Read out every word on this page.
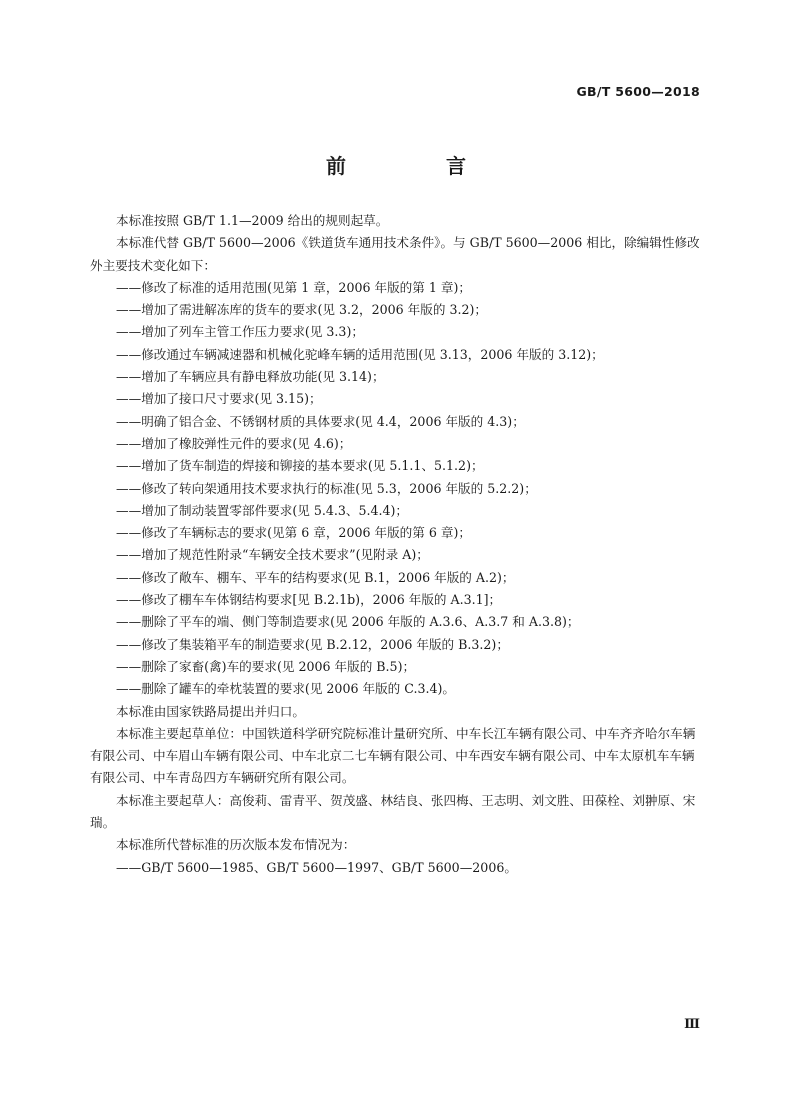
GB/T 5600—2018
前　言

本标准按照 GB/T 1.1—2009 给出的规则起草。

本标准代替 GB/T 5600—2006《铁道货车通用技术条件》。与 GB/T 5600—2006 相比，除编辑性修改外主要技术变化如下：

——修改了标准的适用范围(见第 1 章，2006 年版的第 1 章)；

——增加了需进解冻库的货车的要求(见 3.2，2006 年版的 3.2)；

——增加了列车主管工作压力要求(见 3.3)；

——修改通过车辆减速器和机械化驼峰车辆的适用范围(见 3.13，2006 年版的 3.12)；

——增加了车辆应具有静电释放功能(见 3.14)；

——增加了接口尺寸要求(见 3.15)；

——明确了铝合金、不锈钢材质的具体要求(见 4.4，2006 年版的 4.3)；

——增加了橡胶弹性元件的要求(见 4.6)；

——增加了货车制造的焊接和铆接的基本要求(见 5.1.1、5.1.2)；

——修改了转向架通用技术要求执行的标准(见 5.3，2006 年版的 5.2.2)；

——增加了制动装置零部件要求(见 5.4.3、5.4.4)；

——修改了车辆标志的要求(见第 6 章，2006 年版的第 6 章)；

——增加了规范性附录“车辆安全技术要求”(见附录 A)；

——修改了敞车、棚车、平车的结构要求(见 B.1，2006 年版的 A.2)；

——修改了棚车车体钢结构要求[见 B.2.1b)，2006 年版的 A.3.1]；

——删除了平车的端、侧门等制造要求(见 2006 年版的 A.3.6、A.3.7 和 A.3.8)；

——修改了集装箱平车的制造要求(见 B.2.12，2006 年版的 B.3.2)；

——删除了家畜(禽)车的要求(见 2006 年版的 B.5)；

——删除了罐车的牵枕装置的要求(见 2006 年版的 C.3.4)。

本标准由国家铁路局提出并归口。

本标准主要起草单位：中国铁道科学研究院标准计量研究所、中车长江车辆有限公司、中车齐齐哈尔车辆有限公司、中车眉山车辆有限公司、中车北京二七车辆有限公司、中车西安车辆有限公司、中车太原机车车辆有限公司、中车青岛四方车辆研究所有限公司。

本标准主要起草人：高俊莉、雷青平、贺茂盛、林结良、张四梅、王志明、刘文胜、田葆栓、刘翀原、宋瑞。

本标准所代替标准的历次版本发布情况为：

——GB/T 5600—1985、GB/T 5600—1997、GB/T 5600—2006。

Ⅲ
